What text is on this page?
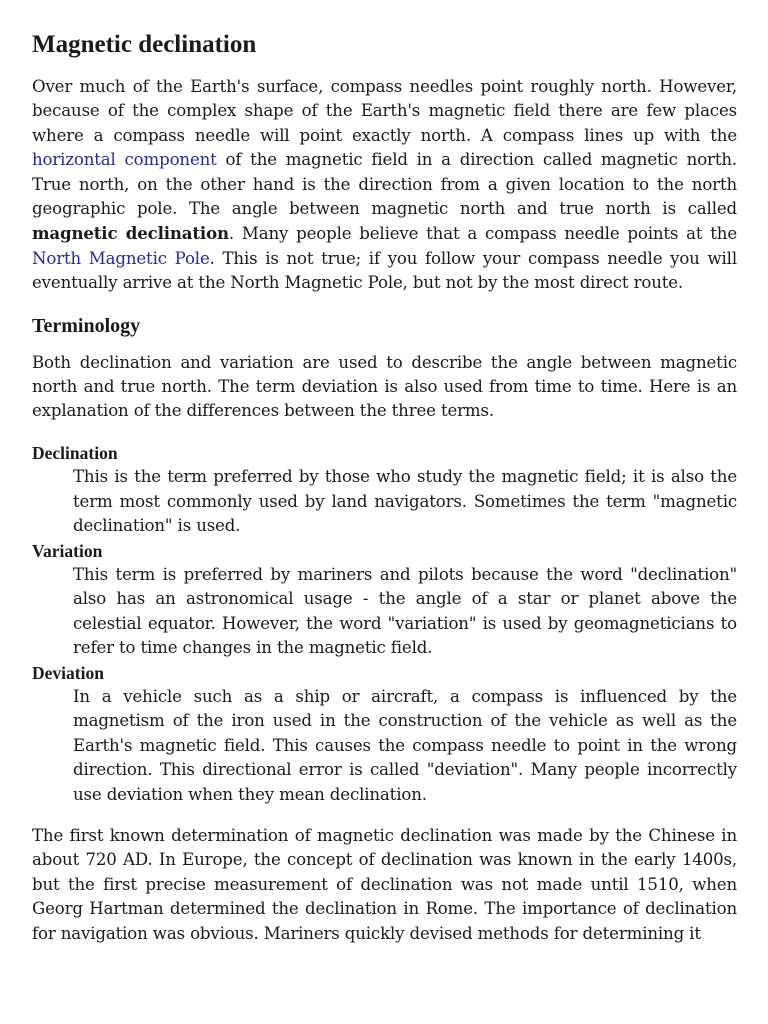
Magnetic declination

Over much of the Earth's surface, compass needles point roughly north. However, because of the complex shape of the Earth's magnetic field there are few places where a compass needle will point exactly north. A compass lines up with the horizontal component of the magnetic field in a direction called magnetic north. True north, on the other hand is the direction from a given location to the north geographic pole. The angle between magnetic north and true north is called magnetic declination. Many people believe that a compass needle points at the North Magnetic Pole. This is not true; if you follow your compass needle you will eventually arrive at the North Magnetic Pole, but not by the most direct route.

Terminology

Both declination and variation are used to describe the angle between magnetic north and true north. The term deviation is also used from time to time. Here is an explanation of the differences between the three terms.

Declination
This is the term preferred by those who study the magnetic field; it is also the term most commonly used by land navigators. Sometimes the term "magnetic declination" is used.
Variation
This term is preferred by mariners and pilots because the word "declination" also has an astronomical usage - the angle of a star or planet above the celestial equator. However, the word "variation" is used by geomagneticians to refer to time changes in the magnetic field.
Deviation
In a vehicle such as a ship or aircraft, a compass is influenced by the magnetism of the iron used in the construction of the vehicle as well as the Earth's magnetic field. This causes the compass needle to point in the wrong direction. This directional error is called "deviation". Many people incorrectly use deviation when they mean declination.

The first known determination of magnetic declination was made by the Chinese in about 720 AD. In Europe, the concept of declination was known in the early 1400s, but the first precise measurement of declination was not made until 1510, when Georg Hartman determined the declination in Rome. The importance of declination for navigation was obvious. Mariners quickly devised methods for determining it
